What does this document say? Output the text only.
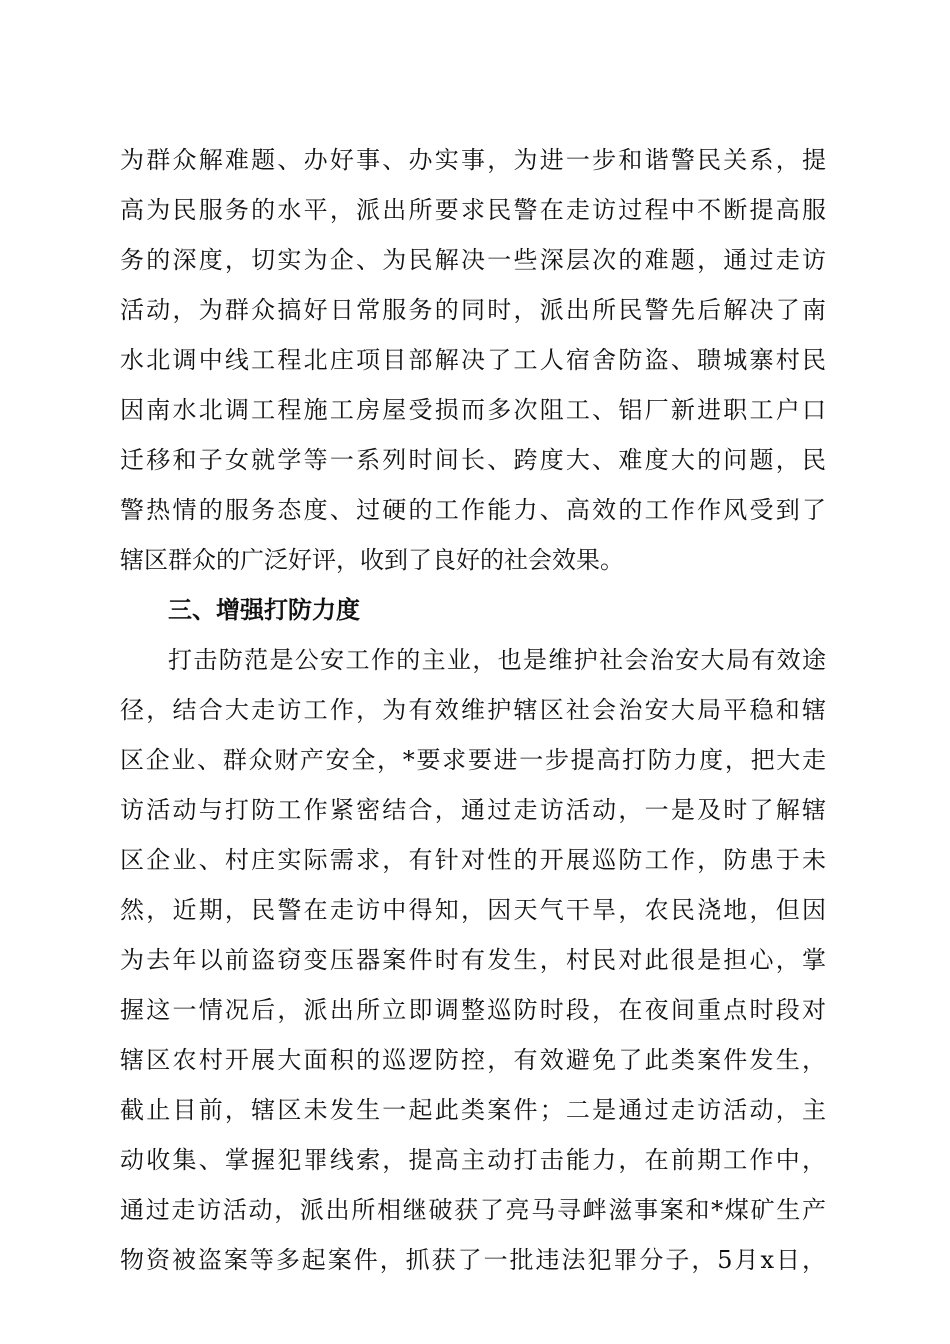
为群众解难题、办好事、办实事，为进一步和谐警民关系，提
高为民服务的水平，派出所要求民警在走访过程中不断提高服
务的深度，切实为企、为民解决一些深层次的难题，通过走访
活动，为群众搞好日常服务的同时，派出所民警先后解决了南
水北调中线工程北庄项目部解决了工人宿舍防盗、聩城寨村民
因南水北调工程施工房屋受损而多次阻工、铝厂新进职工户口
迁移和子女就学等一系列时间长、跨度大、难度大的问题，民
警热情的服务态度、过硬的工作能力、高效的工作作风受到了
辖区群众的广泛好评，收到了良好的社会效果。
三、增强打防力度
打击防范是公安工作的主业，也是维护社会治安大局有效途
径，结合大走访工作，为有效维护辖区社会治安大局平稳和辖
区企业、群众财产安全，*要求要进一步提高打防力度，把大走
访活动与打防工作紧密结合，通过走访活动，一是及时了解辖
区企业、村庄实际需求，有针对性的开展巡防工作，防患于未
然，近期，民警在走访中得知，因天气干旱，农民浇地，但因
为去年以前盗窃变压器案件时有发生，村民对此很是担心，掌
握这一情况后，派出所立即调整巡防时段，在夜间重点时段对
辖区农村开展大面积的巡逻防控，有效避免了此类案件发生，
截止目前，辖区未发生一起此类案件；二是通过走访活动，主
动收集、掌握犯罪线索，提高主动打击能力，在前期工作中，
通过走访活动，派出所相继破获了亮马寻衅滋事案和*煤矿生产
物资被盗案等多起案件，抓获了一批违法犯罪分子，5月x日，
